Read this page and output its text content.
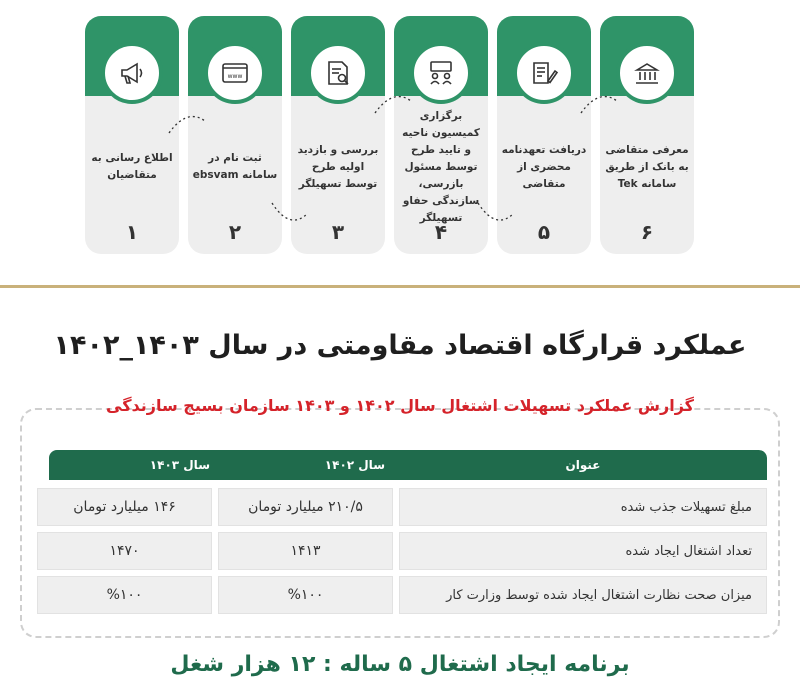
اطلاع رسانی به متقاضیان
۱
www
ثبت نام در سامانه ebsvam
۲
بررسی و بازدید اولیه طرح توسط تسهیلگر
۳
برگزاری کمیسیون ناحیه و تایید طرح توسط مسئول بازرسی، سازندگی حفاو تسهیلگر
۴
دریافت تعهدنامه محضری از متقاضی
۵
معرفی متقاضی به بانک از طریق سامانه Tek
۶
عملکرد قرارگاه اقتصاد مقاومتی در سال ۱۴۰۳_۱۴۰۲
گزارش عملکرد تسهیلات اشتغال سال ۱۴۰۲ و ۱۴۰۳ سازمان بسیج سازندگی
عنوان
سال ۱۴۰۲
سال ۱۴۰۳
مبلغ تسهیلات جذب شده
۲۱۰/۵ میلیارد تومان
۱۴۶ میلیارد تومان
تعداد اشتغال ایجاد شده
۱۴۱۳
۱۴۷۰
میزان صحت نظارت اشتغال ایجاد شده توسط وزارت کار
%۱۰۰
%۱۰۰
برنامه ایجاد اشتغال ۵ ساله : ۱۲ هزار شغل
